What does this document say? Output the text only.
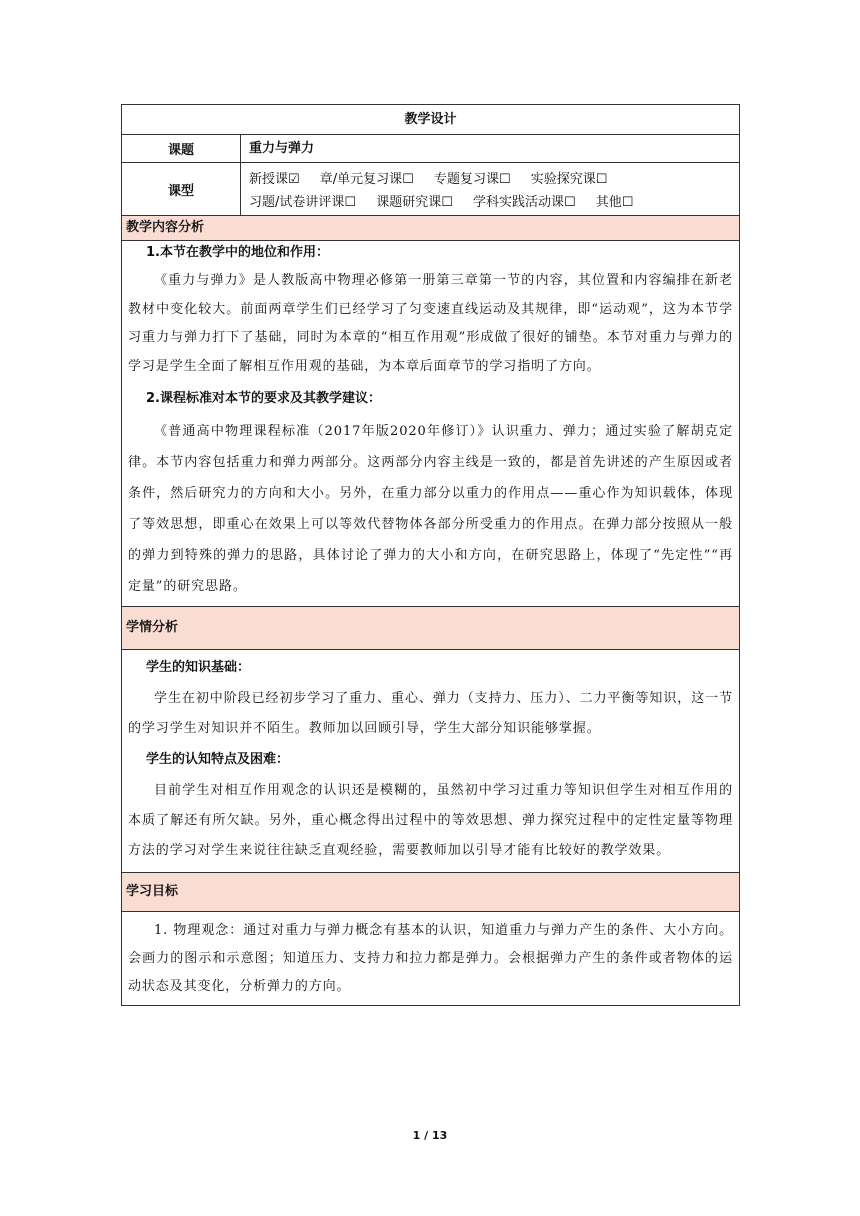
教学设计
课题	重力与弹力
课型
新授课☑ 章/单元复习课☐ 专题复习课☐ 实验探究课☐
习题/试卷讲评课☐ 课题研究课☐ 学科实践活动课☐ 其他☐
教学内容分析
1.本节在教学中的地位和作用：
《重力与弹力》是人教版高中物理必修第一册第三章第一节的内容，其位置和内容编排在新老教材中变化较大。前面两章学生们已经学习了匀变速直线运动及其规律，即“运动观”，这为本节学习重力与弹力打下了基础，同时为本章的“相互作用观”形成做了很好的铺垫。本节对重力与弹力的学习是学生全面了解相互作用观的基础，为本章后面章节的学习指明了方向。
2.课程标准对本节的要求及其教学建议：
《普通高中物理课程标准（2017年版2020年修订）》认识重力、弹力；通过实验了解胡克定律。本节内容包括重力和弹力两部分。这两部分内容主线是一致的，都是首先讲述的产生原因或者条件，然后研究力的方向和大小。另外，在重力部分以重力的作用点——重心作为知识载体，体现了等效思想，即重心在效果上可以等效代替物体各部分所受重力的作用点。在弹力部分按照从一般的弹力到特殊的弹力的思路，具体讨论了弹力的大小和方向，在研究思路上，体现了“先定性”“再定量”的研究思路。
学情分析
学生的知识基础：
学生在初中阶段已经初步学习了重力、重心、弹力（支持力、压力）、二力平衡等知识，这一节的学习学生对知识并不陌生。教师加以回顾引导，学生大部分知识能够掌握。
学生的认知特点及困难：
目前学生对相互作用观念的认识还是模糊的，虽然初中学习过重力等知识但学生对相互作用的本质了解还有所欠缺。另外，重心概念得出过程中的等效思想、弹力探究过程中的定性定量等物理方法的学习对学生来说往往缺乏直观经验，需要教师加以引导才能有比较好的教学效果。
学习目标
1. 物理观念：通过对重力与弹力概念有基本的认识，知道重力与弹力产生的条件、大小方向。会画力的图示和示意图；知道压力、支持力和拉力都是弹力。会根据弹力产生的条件或者物体的运动状态及其变化，分析弹力的方向。
1 / 13
